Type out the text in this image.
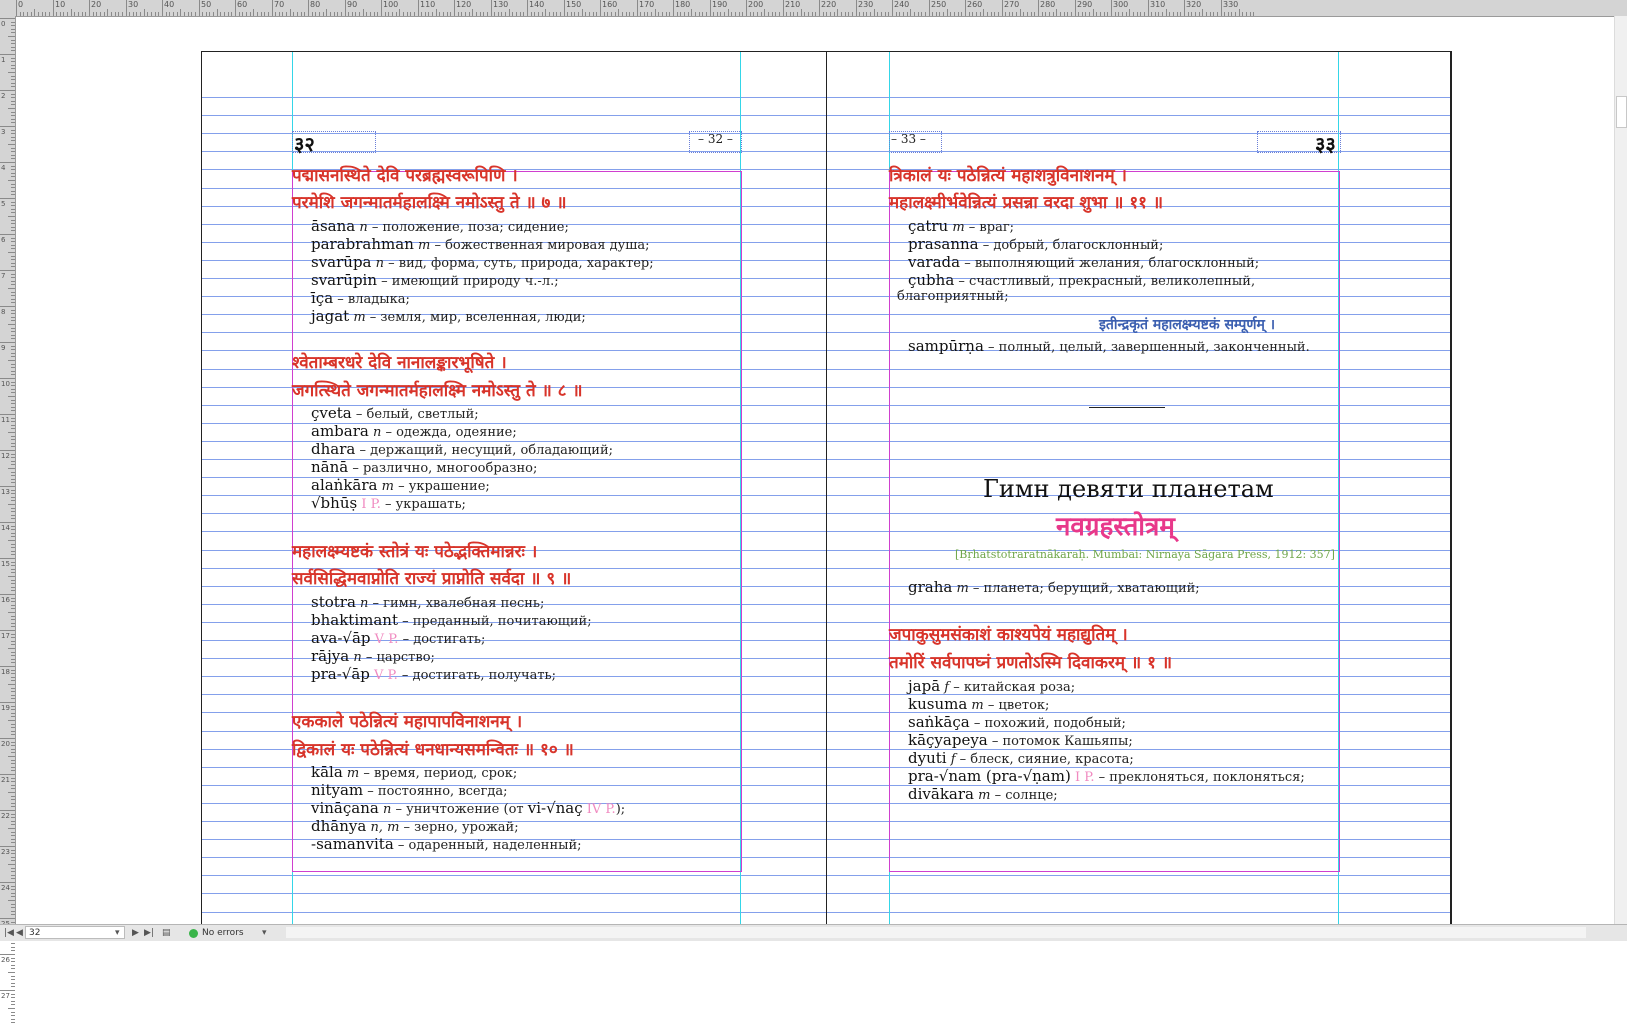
0	10	20	30	40	50	60	70	80	90	100	110	120	130	140	150	160	170	180	190	200	210	220	230	240	250	260	270	280	290	300	310	320	330
0
1
2
3
4
5
6
7
8
9
10
11
12
13
14
15
16
17
18
19
20
21
22
23
24
26
27
३२	– 32 –	– 33 –	३३
पद्मासनस्थिते देवि परब्रह्मस्वरूपिणि ।
परमेशि जगन्मातर्महालक्ष्मि नमोऽस्तु ते ॥ ७ ॥
āsana n – положение, поза; сидение;
parabrahman m – божественная мировая душа;
svarūpa n – вид, форма, суть, природа, характер;
svarūpin – имеющий природу ч.-л.;
īça – владыка;
jagat m – земля, мир, вселенная, люди;
श्वेताम्बरधरे देवि नानालङ्कारभूषिते ।
जगत्स्थिते जगन्मातर्महालक्ष्मि नमोऽस्तु ते ॥ ८ ॥
çveta – белый, светлый;
ambara n – одежда, одеяние;
dhara – держащий, несущий, обладающий;
nānā – различно, многообразно;
alaṅkāra m – украшение;
√bhūṣ I P. – украшать;
महालक्ष्म्यष्टकं स्तोत्रं यः पठेद्भक्तिमान्नरः ।
सर्वसिद्धिमवाप्नोति राज्यं प्राप्नोति सर्वदा ॥ ९ ॥
stotra n – гимн, хвалебная песнь;
bhaktimant – преданный, почитающий;
ava-√āp V P. – достигать;
rājya n – царство;
pra-√āp V P. – достигать, получать;
एककाले पठेन्नित्यं महापापविनाशनम् ।
द्विकालं यः पठेन्नित्यं धनधान्यसमन्वितः ॥ १० ॥
kāla m – время, период, срок;
nityam – постоянно, всегда;
vināçana n – уничтожение (от vi-√naç IV P.);
dhānya n, m – зерно, урожай;
-samanvita – одаренный, наделенный;
त्रिकालं यः पठेन्नित्यं महाशत्रुविनाशनम् ।
महालक्ष्मीर्भवेन्नित्यं प्रसन्ना वरदा शुभा ॥ ११ ॥
çatru m – враг;
prasanna – добрый, благосклонный;
varada – выполняющий желания, благосклонный;
çubha – счастливый, прекрасный, великолепный,
благоприятный;
इतीन्द्रकृतं महालक्ष्म्यष्टकं सम्पूर्णम् ।
sampūrṇa – полный, целый, завершенный, законченный.
Гимн девяти планетам
नवग्रहस्तोत्रम्
[Bṛhatstotraratnākaraḥ. Mumbai: Nirnaya Sāgara Press, 1912: 357]
graha m – планета; берущий, хватающий;
जपाकुसुमसंकाशं काश्यपेयं महाद्युतिम् ।
तमोरिं सर्वपापघ्नं प्रणतोऽस्मि दिवाकरम् ॥ १ ॥
japā f – китайская роза;
kusuma m – цветок;
saṅkāça – похожий, подобный;
kāçyapeya – потомок Кашьяпы;
dyuti f – блеск, сияние, красота;
pra-√nam (pra-√ṇam) I P. – преклоняться, поклоняться;
divākara m – солнце;
|◀ ◀ 32	▾ ▶ ▶| ▤	No errors ▾
